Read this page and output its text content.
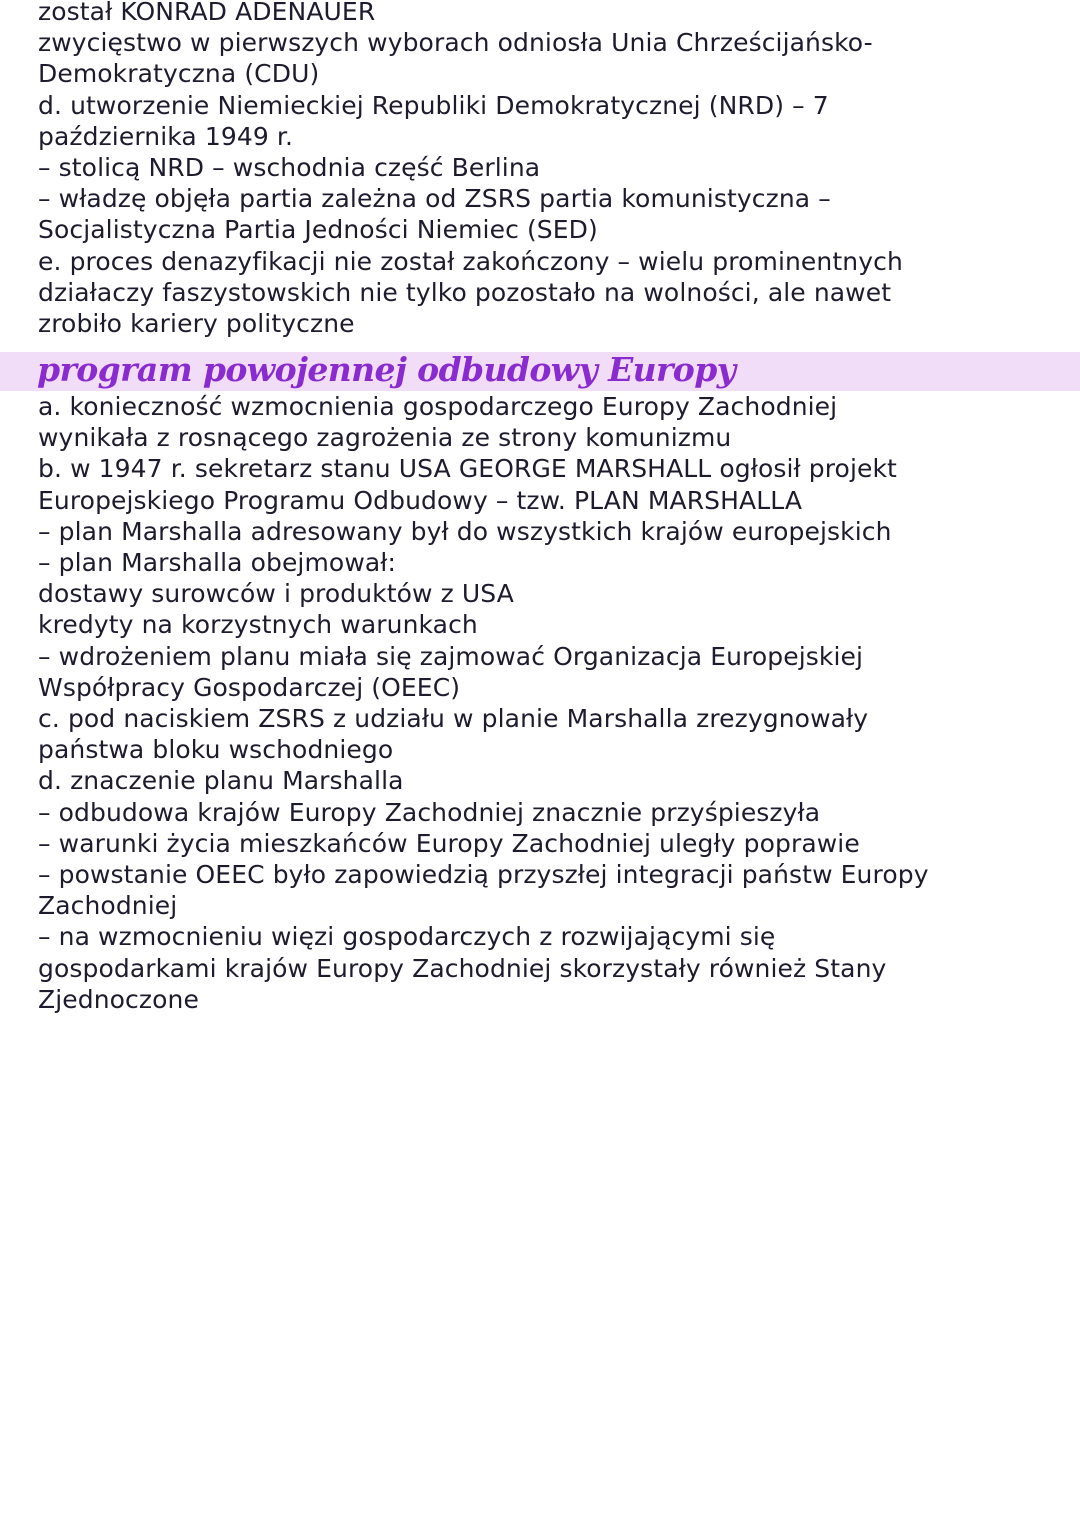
został KONRAD ADENAUER
zwycięstwo w pierwszych wyborach odniosła Unia Chrześcijańsko-
Demokratyczna (CDU)
d. utworzenie Niemieckiej Republiki Demokratycznej (NRD) – 7
października 1949 r.
– stolicą NRD – wschodnia część Berlina
– władzę objęła partia zależna od ZSRS partia komunistyczna –
Socjalistyczna Partia Jedności Niemiec (SED)
e. proces denazyfikacji nie został zakończony – wielu prominentnych
działaczy faszystowskich nie tylko pozostało na wolności, ale nawet
zrobiło kariery polityczne
program powojennej odbudowy Europy
a. konieczność wzmocnienia gospodarczego Europy Zachodniej
wynikała z rosnącego zagrożenia ze strony komunizmu
b. w 1947 r. sekretarz stanu USA GEORGE MARSHALL ogłosił projekt
Europejskiego Programu Odbudowy – tzw. PLAN MARSHALLA
– plan Marshalla adresowany był do wszystkich krajów europejskich
– plan Marshalla obejmował:
dostawy surowców i produktów z USA
kredyty na korzystnych warunkach
– wdrożeniem planu miała się zajmować Organizacja Europejskiej
Współpracy Gospodarczej (OEEC)
c. pod naciskiem ZSRS z udziału w planie Marshalla zrezygnowały
państwa bloku wschodniego
d. znaczenie planu Marshalla
– odbudowa krajów Europy Zachodniej znacznie przyśpieszyła
– warunki życia mieszkańców Europy Zachodniej uległy poprawie
– powstanie OEEC było zapowiedzią przyszłej integracji państw Europy
Zachodniej
– na wzmocnieniu więzi gospodarczych z rozwijającymi się
gospodarkami krajów Europy Zachodniej skorzystały również Stany
Zjednoczone
